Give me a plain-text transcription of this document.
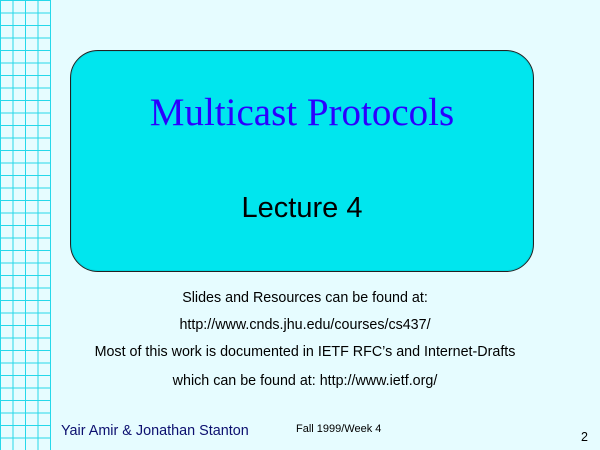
Multicast Protocols
Lecture 4
Slides and Resources can be found at:
http://www.cnds.jhu.edu/courses/cs437/
Most of this work is documented in IETF RFC’s and Internet-Drafts
which can be found at: http://www.ietf.org/
Yair Amir & Jonathan Stanton	Fall 1999/Week 4
2
